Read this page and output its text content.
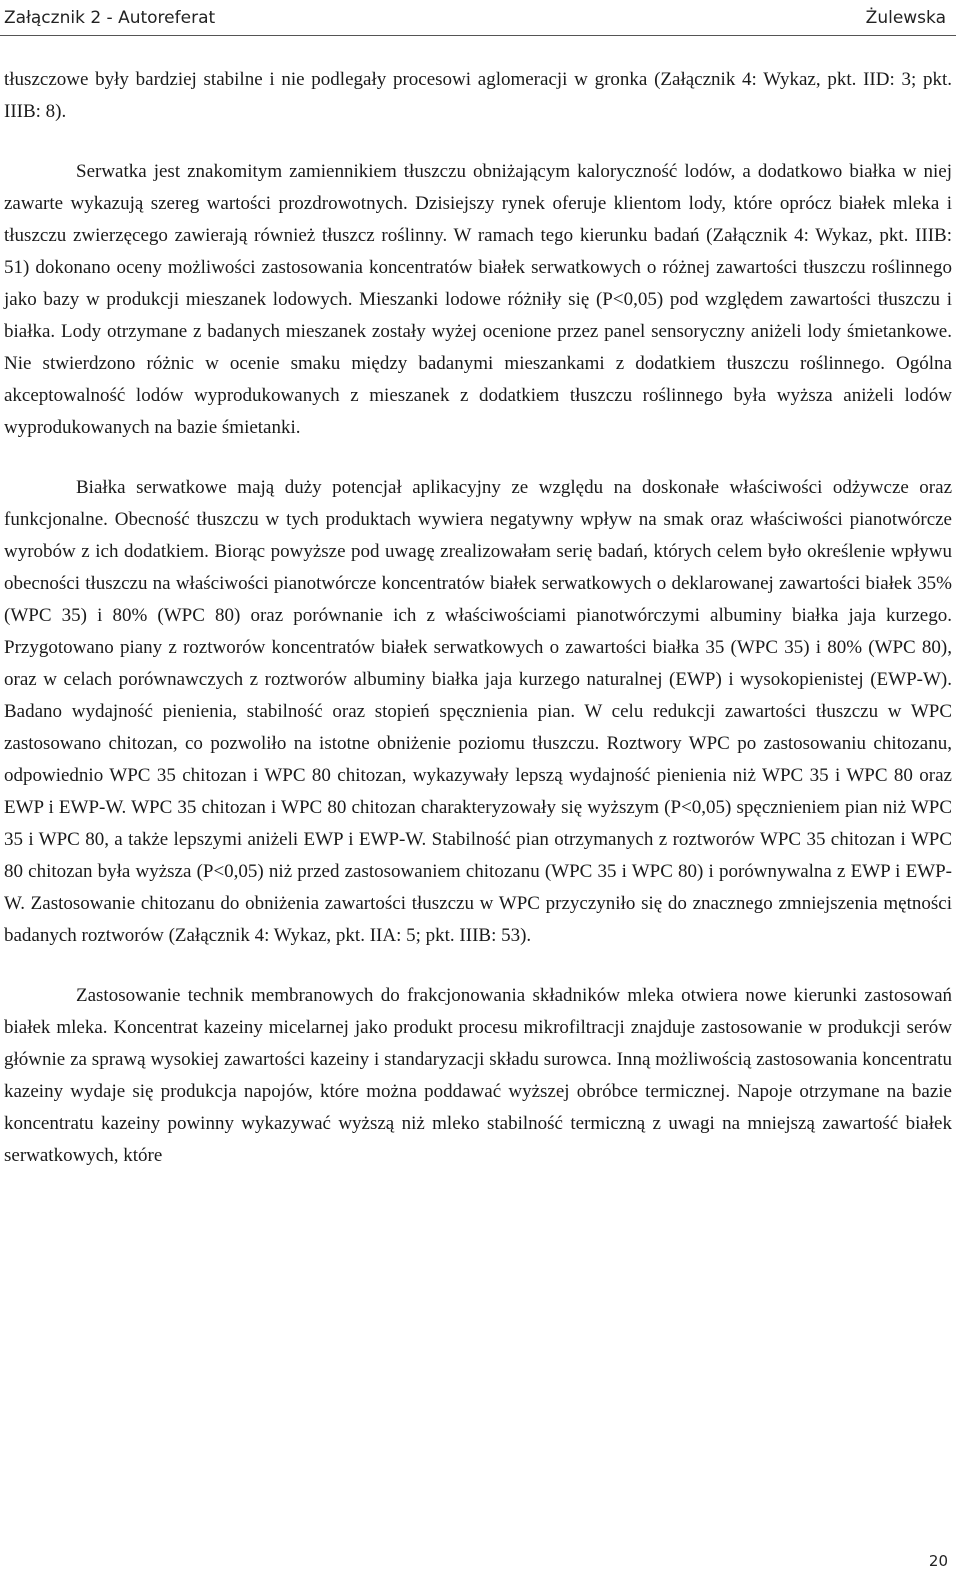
Załącznik 2 - Autoreferat	Żulewska

tłuszczowe były bardziej stabilne i nie podlegały procesowi aglomeracji w gronka (Załącznik 4: Wykaz, pkt. IID: 3; pkt. IIIB: 8).

Serwatka jest znakomitym zamiennikiem tłuszczu obniżającym kaloryczność lodów, a dodatkowo białka w niej zawarte wykazują szereg wartości prozdrowotnych. Dzisiejszy rynek oferuje klientom lody, które oprócz białek mleka i tłuszczu zwierzęcego zawierają również tłuszcz roślinny. W ramach tego kierunku badań (Załącznik 4: Wykaz, pkt. IIIB: 51) dokonano oceny możliwości zastosowania koncentratów białek serwatkowych o różnej zawartości tłuszczu roślinnego jako bazy w produkcji mieszanek lodowych. Mieszanki lodowe różniły się (P<0,05) pod względem zawartości tłuszczu i białka. Lody otrzymane z badanych mieszanek zostały wyżej ocenione przez panel sensoryczny aniżeli lody śmietankowe. Nie stwierdzono różnic w ocenie smaku między badanymi mieszankami z dodatkiem tłuszczu roślinnego. Ogólna akceptowalność lodów wyprodukowanych z mieszanek z dodatkiem tłuszczu roślinnego była wyższa aniżeli lodów wyprodukowanych na bazie śmietanki.

Białka serwatkowe mają duży potencjał aplikacyjny ze względu na doskonałe właściwości odżywcze oraz funkcjonalne. Obecność tłuszczu w tych produktach wywiera negatywny wpływ na smak oraz właściwości pianotwórcze wyrobów z ich dodatkiem. Biorąc powyższe pod uwagę zrealizowałam serię badań, których celem było określenie wpływu obecności tłuszczu na właściwości pianotwórcze koncentratów białek serwatkowych o deklarowanej zawartości białek 35% (WPC 35) i 80% (WPC 80) oraz porównanie ich z właściwościami pianotwórczymi albuminy białka jaja kurzego. Przygotowano piany z roztworów koncentratów białek serwatkowych o zawartości białka 35 (WPC 35) i 80% (WPC 80), oraz w celach porównawczych z roztworów albuminy białka jaja kurzego naturalnej (EWP) i wysokopienistej (EWP-W). Badano wydajność pienienia, stabilność oraz stopień spęcznienia pian. W celu redukcji zawartości tłuszczu w WPC zastosowano chitozan, co pozwoliło na istotne obniżenie poziomu tłuszczu. Roztwory WPC po zastosowaniu chitozanu, odpowiednio WPC 35 chitozan i WPC 80 chitozan, wykazywały lepszą wydajność pienienia niż WPC 35 i WPC 80 oraz EWP i EWP-W. WPC 35 chitozan i WPC 80 chitozan charakteryzowały się wyższym (P<0,05) spęcznieniem pian niż WPC 35 i WPC 80, a także lepszymi aniżeli EWP i EWP-W. Stabilność pian otrzymanych z roztworów WPC 35 chitozan i WPC 80 chitozan była wyższa (P<0,05) niż przed zastosowaniem chitozanu (WPC 35 i WPC 80) i porównywalna z EWP i EWP-W. Zastosowanie chitozanu do obniżenia zawartości tłuszczu w WPC przyczyniło się do znacznego zmniejszenia mętności badanych roztworów (Załącznik 4: Wykaz, pkt. IIA: 5; pkt. IIIB: 53).

Zastosowanie technik membranowych do frakcjonowania składników mleka otwiera nowe kierunki zastosowań białek mleka. Koncentrat kazeiny micelarnej jako produkt procesu mikrofiltracji znajduje zastosowanie w produkcji serów głównie za sprawą wysokiej zawartości kazeiny i standaryzacji składu surowca. Inną możliwością zastosowania koncentratu kazeiny wydaje się produkcja napojów, które można poddawać wyższej obróbce termicznej. Napoje otrzymane na bazie koncentratu kazeiny powinny wykazywać wyższą niż mleko stabilność termiczną z uwagi na mniejszą zawartość białek serwatkowych, które

20
